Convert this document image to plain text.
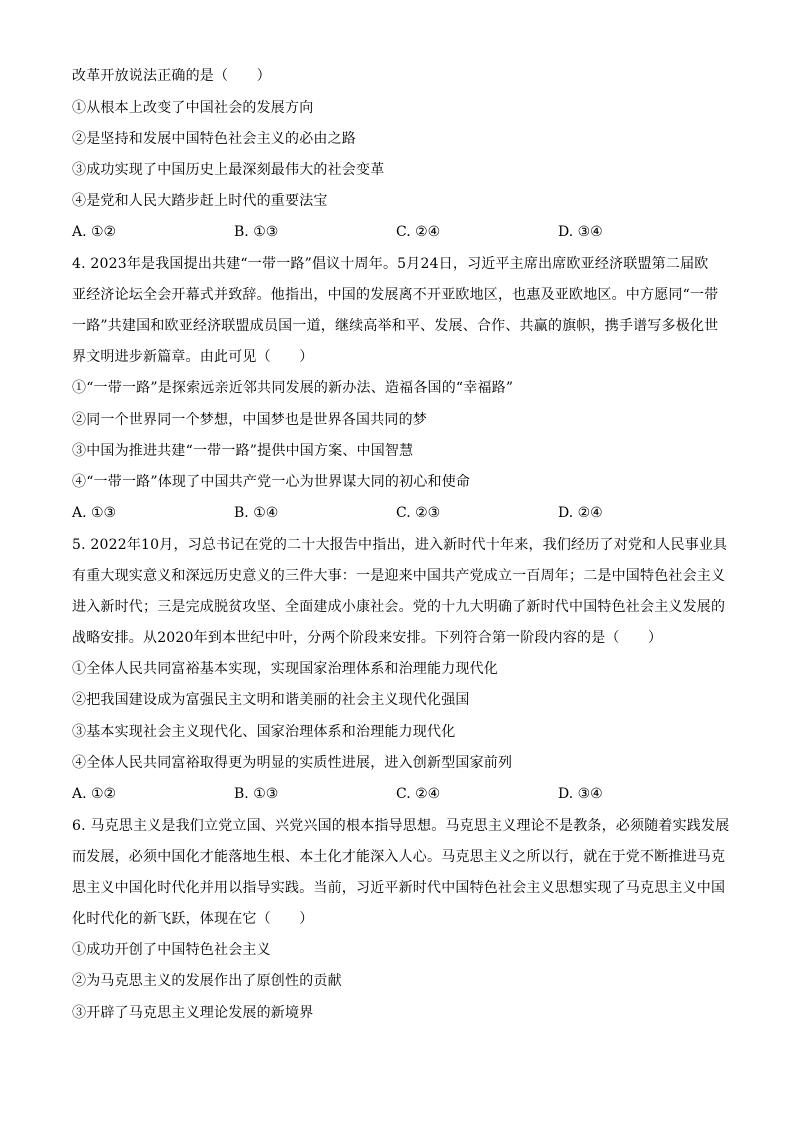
改革开放说法正确的是（　　）
①从根本上改变了中国社会的发展方向
②是坚持和发展中国特色社会主义的必由之路
③成功实现了中国历史上最深刻最伟大的社会变革
④是党和人民大踏步赶上时代的重要法宝
A. ①②	B. ①③	C. ②④	D. ③④
4. 2023年是我国提出共建“一带一路”倡议十周年。5月24日，习近平主席出席欧亚经济联盟第二届欧
亚经济论坛全会开幕式并致辞。他指出，中国的发展离不开亚欧地区，也惠及亚欧地区。中方愿同“一带
一路”共建国和欧亚经济联盟成员国一道，继续高举和平、发展、合作、共赢的旗帜，携手谱写多极化世
界文明进步新篇章。由此可见（　　）
①“一带一路”是探索远亲近邻共同发展的新办法、造福各国的“幸福路”
②同一个世界同一个梦想，中国梦也是世界各国共同的梦
③中国为推进共建“一带一路”提供中国方案、中国智慧
④“一带一路”体现了中国共产党一心为世界谋大同的初心和使命
A. ①③	B. ①④	C. ②③	D. ②④
5. 2022年10月，习总书记在党的二十大报告中指出，进入新时代十年来，我们经历了对党和人民事业具
有重大现实意义和深远历史意义的三件大事：一是迎来中国共产党成立一百周年；二是中国特色社会主义
进入新时代；三是完成脱贫攻坚、全面建成小康社会。党的十九大明确了新时代中国特色社会主义发展的
战略安排。从2020年到本世纪中叶，分两个阶段来安排。下列符合第一阶段内容的是（　　）
①全体人民共同富裕基本实现，实现国家治理体系和治理能力现代化
②把我国建设成为富强民主文明和谐美丽的社会主义现代化强国
③基本实现社会主义现代化、国家治理体系和治理能力现代化
④全体人民共同富裕取得更为明显的实质性进展，进入创新型国家前列
A. ①②	B. ①③	C. ②④	D. ③④
6. 马克思主义是我们立党立国、兴党兴国的根本指导思想。马克思主义理论不是教条，必须随着实践发展
而发展，必须中国化才能落地生根、本土化才能深入人心。马克思主义之所以行，就在于党不断推进马克
思主义中国化时代化并用以指导实践。当前，习近平新时代中国特色社会主义思想实现了马克思主义中国
化时代化的新飞跃，体现在它（　　）
①成功开创了中国特色社会主义
②为马克思主义的发展作出了原创性的贡献
③开辟了马克思主义理论发展的新境界
